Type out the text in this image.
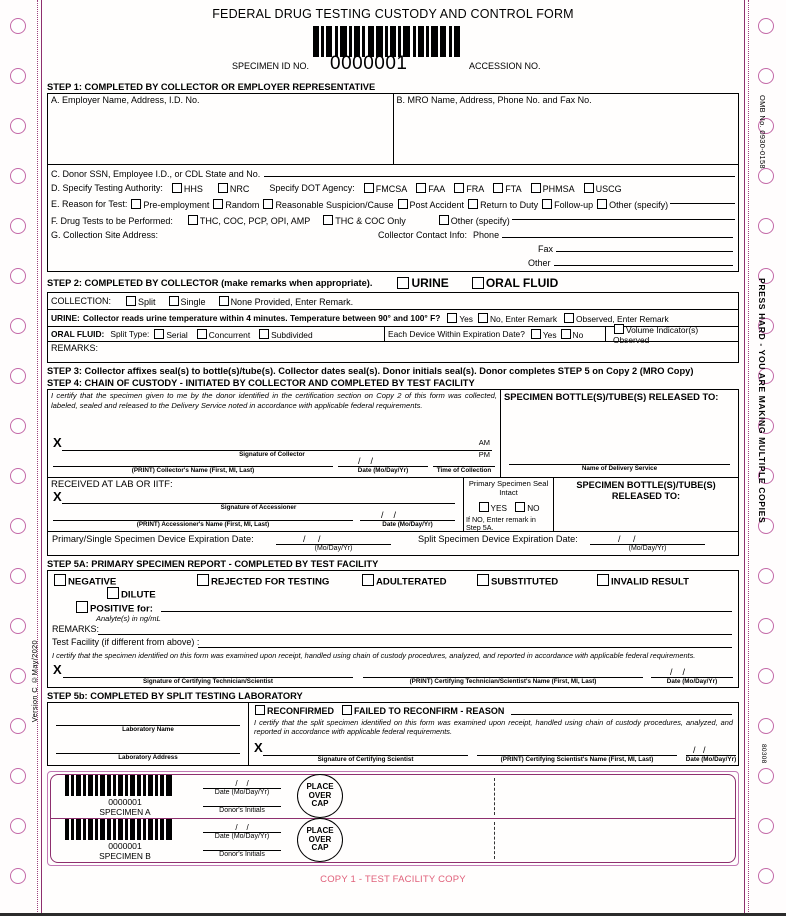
Version C ©May/2020
OMB No. 0930-0158
PRESS HARD - YOU ARE MAKING MULTIPLE COPIES
80308
FEDERAL DRUG TESTING CUSTODY AND CONTROL FORM
SPECIMEN ID NO. 0000001	ACCESSION NO.
STEP 1: COMPLETED BY COLLECTOR OR EMPLOYER REPRESENTATIVE
A. Employer Name, Address, I.D. No.	B. MRO Name, Address, Phone No. and Fax No.
C. Donor SSN, Employee I.D., or CDL State and No.
D. Specify Testing Authority:	HHS	NRC Specify DOT Agency:	FMCSA	FAA	FRA	FTA	PHMSA	USCG
E. Reason for Test:	Pre-employment	Random	Reasonable Suspicion/Cause	Post Accident	Return to Duty	Follow-up	Other (specify)
F. Drug Tests to be Performed:	THC, COC, PCP, OPI, AMP	THC & COC Only	Other (specify)
G. Collection Site Address:	Collector Contact Info: Phone
Fax
Other
STEP 2: COMPLETED BY COLLECTOR (make remarks when appropriate).	URINE	ORAL FLUID
COLLECTION:	Split	Single	None Provided, Enter Remark.
URINE: Collector reads urine temperature within 4 minutes. Temperature between 90° and 100° F?	Yes	No, Enter Remark	Observed, Enter Remark
ORAL FLUID: Split Type:	Serial	Concurrent	Subdivided	Each Device Within Expiration Date?	Yes	No	Volume Indicator(s) Observed
REMARKS:
STEP 3: Collector affixes seal(s) to bottle(s)/tube(s). Collector dates seal(s). Donor initials seal(s). Donor completes STEP 5 on Copy 2 (MRO Copy)
STEP 4: CHAIN OF CUSTODY - INITIATED BY COLLECTOR AND COMPLETED BY TEST FACILITY
I certify that the specimen given to me by the donor identified in the certification section on Copy 2 of this form was collected, labeled, sealed and released to the Delivery Service noted in accordance with applicable federal requirements.
X
Signature of Collector
AM
PM
(PRINT) Collector's Name (First, MI, Last)
/    /
Date (Mo/Day/Yr)	Time of Collection
SPECIMEN BOTTLE(S)/TUBE(S) RELEASED TO:
Name of Delivery Service
RECEIVED AT LAB OR IITF:
X
Signature of Accessioner
(PRINT) Accessioner's Name (First, MI, Last)
/    /
Date (Mo/Day/Yr)
Primary Specimen Seal Intact
YES NO
If NO, Enter remark in Step 5A.
SPECIMEN BOTTLE(S)/TUBE(S) RELEASED TO:
Primary/Single Specimen Device Expiration Date:	/     /
(Mo/Day/Yr)
Split Specimen Device Expiration Date:	/     /
(Mo/Day/Yr)
STEP 5A: PRIMARY SPECIMEN REPORT - COMPLETED BY TEST FACILITY
NEGATIVE	REJECTED FOR TESTING	ADULTERATED	SUBSTITUTED	INVALID RESULT
DILUTE
POSITIVE for:
Analyte(s) in ng/mL
REMARKS:
Test Facility (if different from above) :
I certify that the specimen identified on this form was examined upon receipt, handled using chain of custody procedures, analyzed, and reported in accordance with applicable federal requirements.
X
Signature of Certifying Technician/Scientist	(PRINT) Certifying Technician/Scientist's Name (First, MI, Last)
/    /
Date (Mo/Day/Yr)
STEP 5b: COMPLETED BY SPLIT TESTING LABORATORY
Laboratory Name
Laboratory Address
RECONFIRMED	FAILED TO RECONFIRM - REASON
I certify that the split specimen identified on this form was examined upon receipt, handled using chain of custody procedures, analyzed, and reported in accordance with applicable federal requirements.
X
Signature of Certifying Scientist	(PRINT) Certifying Scientist's Name (First, MI, Last)
/   /
Date (Mo/Day/Yr)
0000001
SPECIMEN A
/    /
Date (Mo/Day/Yr)
Donor's Initials
PLACE
OVER
CAP
0000001
SPECIMEN B
/    /
Date (Mo/Day/Yr)
Donor's Initials
PLACE
OVER
CAP
COPY 1 - TEST FACILITY COPY
